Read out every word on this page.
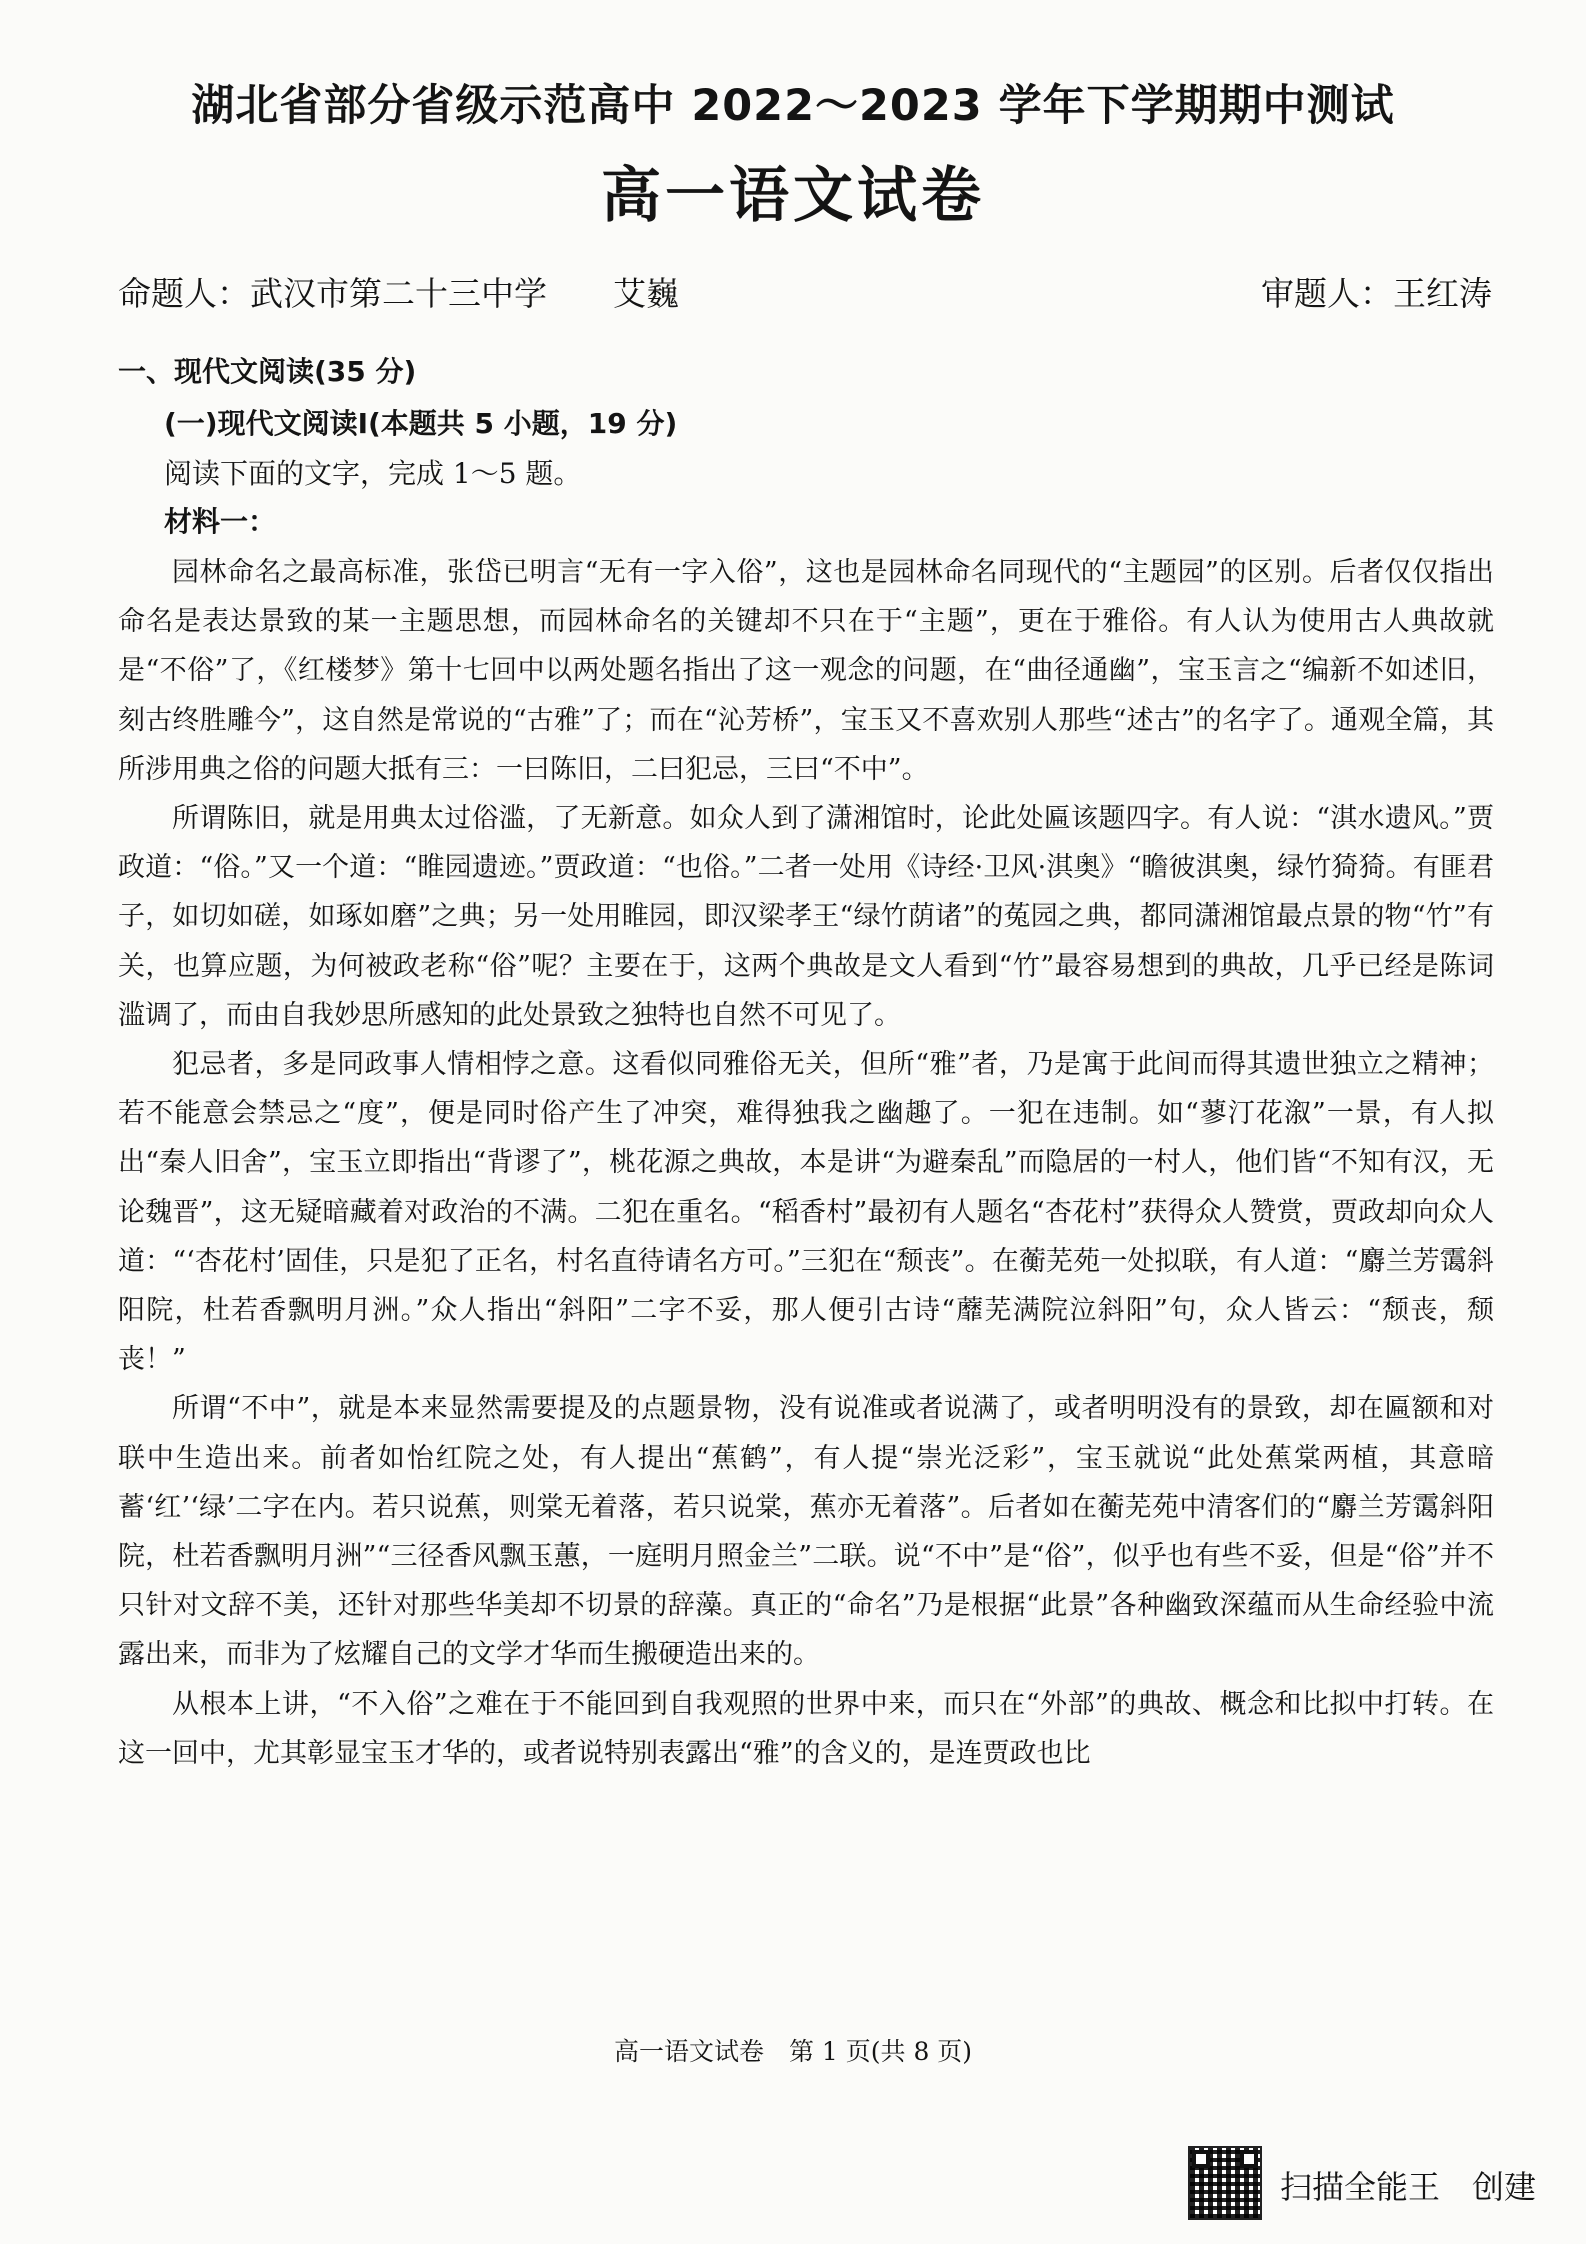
湖北省部分省级示范高中 2022～2023 学年下学期期中测试
高一语文试卷
命题人：武汉市第二十三中学　　艾巍	审题人：王红涛
一、现代文阅读(35 分)
(一)现代文阅读Ⅰ(本题共 5 小题，19 分)
阅读下面的文字，完成 1～5 题。
材料一：

园林命名之最高标准，张岱已明言“无有一字入俗”，这也是园林命名同现代的“主题园”的区别。后者仅仅指出命名是表达景致的某一主题思想，而园林命名的关键却不只在于“主题”，更在于雅俗。有人认为使用古人典故就是“不俗”了，《红楼梦》第十七回中以两处题名指出了这一观念的问题，在“曲径通幽”，宝玉言之“编新不如述旧，刻古终胜雕今”，这自然是常说的“古雅”了；而在“沁芳桥”，宝玉又不喜欢别人那些“述古”的名字了。通观全篇，其所涉用典之俗的问题大抵有三：一曰陈旧，二曰犯忌，三曰“不中”。

所谓陈旧，就是用典太过俗滥，了无新意。如众人到了潇湘馆时，论此处匾该题四字。有人说：“淇水遗风。”贾政道：“俗。”又一个道：“睢园遗迹。”贾政道：“也俗。”二者一处用《诗经·卫风·淇奥》“瞻彼淇奥，绿竹猗猗。有匪君子，如切如磋，如琢如磨”之典；另一处用睢园，即汉梁孝王“绿竹荫诸”的菟园之典，都同潇湘馆最点景的物“竹”有关，也算应题，为何被政老称“俗”呢？主要在于，这两个典故是文人看到“竹”最容易想到的典故，几乎已经是陈词滥调了，而由自我妙思所感知的此处景致之独特也自然不可见了。

犯忌者，多是同政事人情相悖之意。这看似同雅俗无关，但所“雅”者，乃是寓于此间而得其遗世独立之精神；若不能意会禁忌之“度”，便是同时俗产生了冲突，难得独我之幽趣了。一犯在违制。如“蓼汀花溆”一景，有人拟出“秦人旧舍”，宝玉立即指出“背谬了”，桃花源之典故，本是讲“为避秦乱”而隐居的一村人，他们皆“不知有汉，无论魏晋”，这无疑暗藏着对政治的不满。二犯在重名。“稻香村”最初有人题名“杏花村”获得众人赞赏，贾政却向众人道：“‘杏花村’固佳，只是犯了正名，村名直待请名方可。”三犯在“颓丧”。在蘅芜苑一处拟联，有人道：“麝兰芳霭斜阳院，杜若香飘明月洲。”众人指出“斜阳”二字不妥，那人便引古诗“蘼芜满院泣斜阳”句，众人皆云：“颓丧，颓丧！”

所谓“不中”，就是本来显然需要提及的点题景物，没有说准或者说满了，或者明明没有的景致，却在匾额和对联中生造出来。前者如怡红院之处，有人提出“蕉鹤”，有人提“崇光泛彩”，宝玉就说“此处蕉棠两植，其意暗蓄‘红’‘绿’二字在内。若只说蕉，则棠无着落，若只说棠，蕉亦无着落”。后者如在蘅芜苑中清客们的“麝兰芳霭斜阳院，杜若香飘明月洲”“三径香风飘玉蕙，一庭明月照金兰”二联。说“不中”是“俗”，似乎也有些不妥，但是“俗”并不只针对文辞不美，还针对那些华美却不切景的辞藻。真正的“命名”乃是根据“此景”各种幽致深蕴而从生命经验中流露出来，而非为了炫耀自己的文学才华而生搬硬造出来的。

从根本上讲，“不入俗”之难在于不能回到自我观照的世界中来，而只在“外部”的典故、概念和比拟中打转。在这一回中，尤其彰显宝玉才华的，或者说特别表露出“雅”的含义的，是连贾政也比

高一语文试卷　第 1 页(共 8 页)
扫描全能王　创建
